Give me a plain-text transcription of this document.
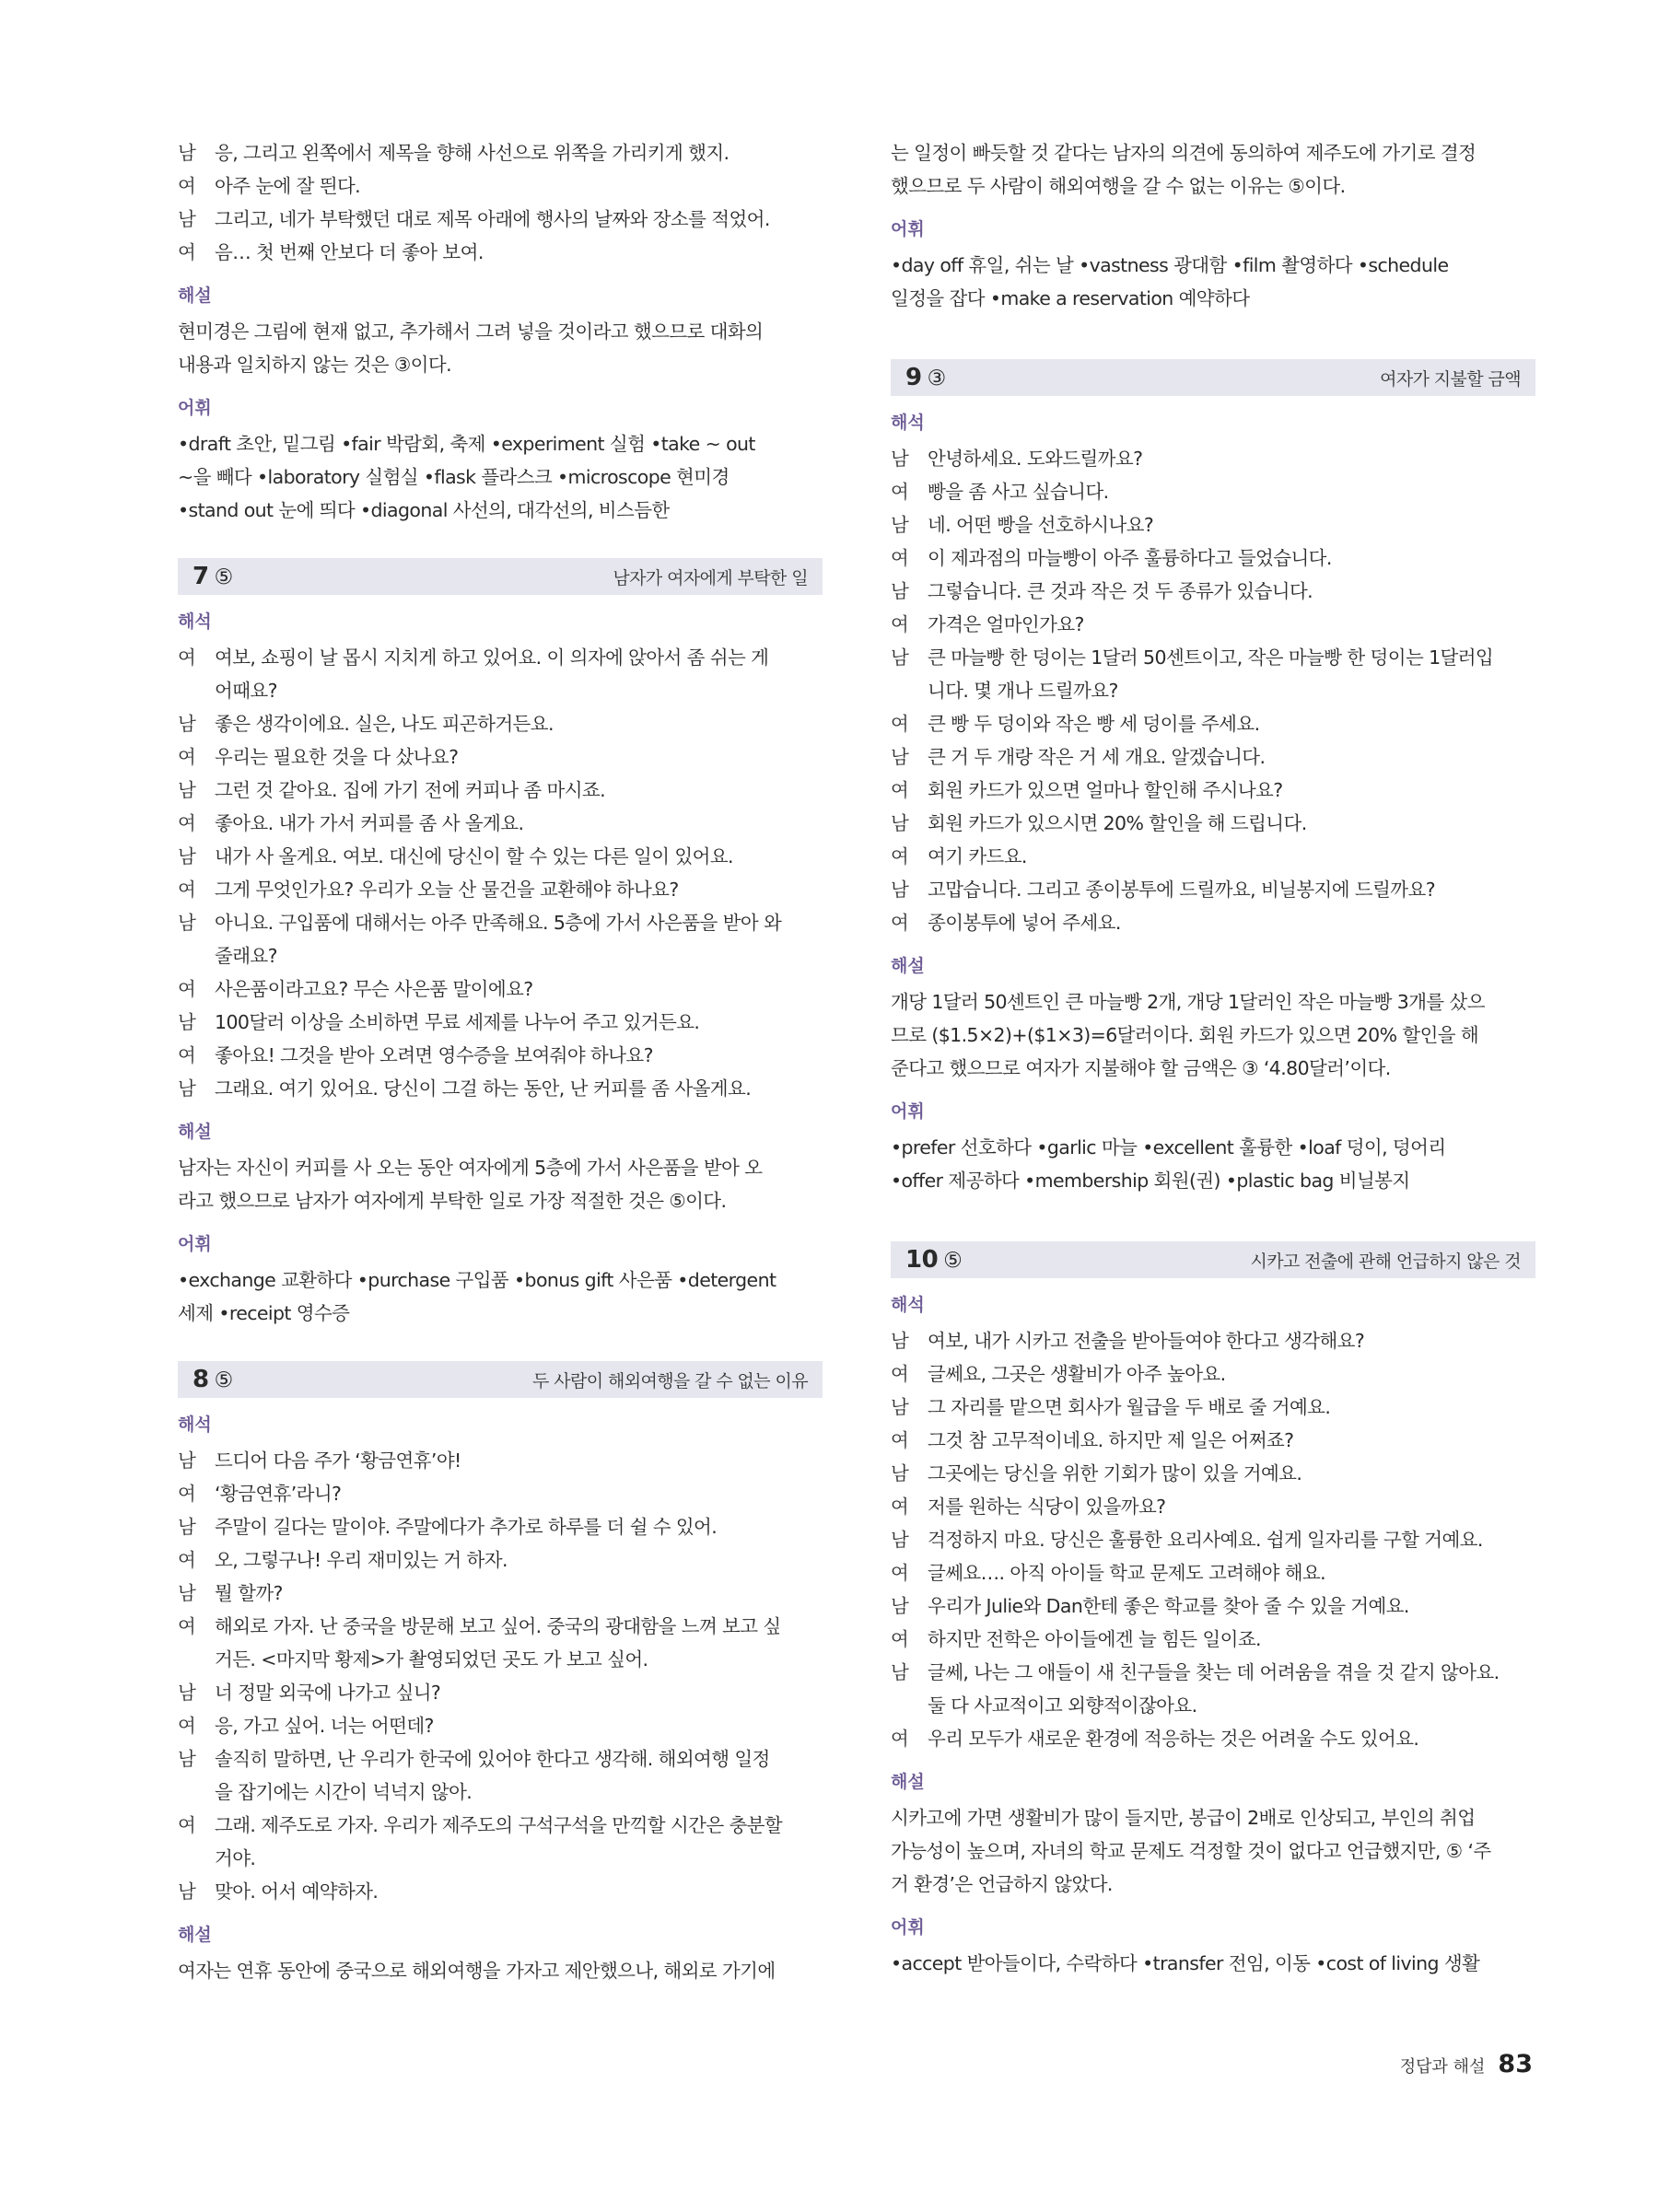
남	응, 그리고 왼쪽에서 제목을 향해 사선으로 위쪽을 가리키게 했지.
여	아주 눈에 잘 띈다.
남	그리고, 네가 부탁했던 대로 제목 아래에 행사의 날짜와 장소를 적었어.
여	음… 첫 번째 안보다 더 좋아 보여.
해설
현미경은 그림에 현재 없고, 추가해서 그려 넣을 것이라고 했으므로 대화의
내용과 일치하지 않는 것은 ③이다.
어휘
•draft 초안, 밑그림 •fair 박람회, 축제 •experiment 실험 •take ~ out
~을 빼다 •laboratory 실험실 •flask 플라스크 •microscope 현미경
•stand out 눈에 띄다 •diagonal 사선의, 대각선의, 비스듬한
7 ⑤	남자가 여자에게 부탁한 일
해석
여	여보, 쇼핑이 날 몹시 지치게 하고 있어요. 이 의자에 앉아서 좀 쉬는 게
어때요?
남	좋은 생각이에요. 실은, 나도 피곤하거든요.
여	우리는 필요한 것을 다 샀나요?
남	그런 것 같아요. 집에 가기 전에 커피나 좀 마시죠.
여	좋아요. 내가 가서 커피를 좀 사 올게요.
남	내가 사 올게요. 여보. 대신에 당신이 할 수 있는 다른 일이 있어요.
여	그게 무엇인가요? 우리가 오늘 산 물건을 교환해야 하나요?
남	아니요. 구입품에 대해서는 아주 만족해요. 5층에 가서 사은품을 받아 와
줄래요?
여	사은품이라고요? 무슨 사은품 말이에요?
남	100달러 이상을 소비하면 무료 세제를 나누어 주고 있거든요.
여	좋아요! 그것을 받아 오려면 영수증을 보여줘야 하나요?
남	그래요. 여기 있어요. 당신이 그걸 하는 동안, 난 커피를 좀 사올게요.
해설
남자는 자신이 커피를 사 오는 동안 여자에게 5층에 가서 사은품을 받아 오
라고 했으므로 남자가 여자에게 부탁한 일로 가장 적절한 것은 ⑤이다.
어휘
•exchange 교환하다 •purchase 구입품 •bonus gift 사은품 •detergent
세제 •receipt 영수증
8 ⑤	두 사람이 해외여행을 갈 수 없는 이유
해석
남	드디어 다음 주가 ‘황금연휴’야!
여	‘황금연휴’라니?
남	주말이 길다는 말이야. 주말에다가 추가로 하루를 더 쉴 수 있어.
여	오, 그렇구나! 우리 재미있는 거 하자.
남	뭘 할까?
여	해외로 가자. 난 중국을 방문해 보고 싶어. 중국의 광대함을 느껴 보고 싶
거든. <마지막 황제>가 촬영되었던 곳도 가 보고 싶어.
남	너 정말 외국에 나가고 싶니?
여	응, 가고 싶어. 너는 어떤데?
남	솔직히 말하면, 난 우리가 한국에 있어야 한다고 생각해. 해외여행 일정
을 잡기에는 시간이 넉넉지 않아.
여	그래. 제주도로 가자. 우리가 제주도의 구석구석을 만끽할 시간은 충분할
거야.
남	맞아. 어서 예약하자.
해설
여자는 연휴 동안에 중국으로 해외여행을 가자고 제안했으나, 해외로 가기에
는 일정이 빠듯할 것 같다는 남자의 의견에 동의하여 제주도에 가기로 결정
했으므로 두 사람이 해외여행을 갈 수 없는 이유는 ⑤이다.
어휘
•day off 휴일, 쉬는 날 •vastness 광대함 •film 촬영하다 •schedule
일정을 잡다 •make a reservation 예약하다
9 ③	여자가 지불할 금액
해석
남	안녕하세요. 도와드릴까요?
여	빵을 좀 사고 싶습니다.
남	네. 어떤 빵을 선호하시나요?
여	이 제과점의 마늘빵이 아주 훌륭하다고 들었습니다.
남	그렇습니다. 큰 것과 작은 것 두 종류가 있습니다.
여	가격은 얼마인가요?
남	큰 마늘빵 한 덩이는 1달러 50센트이고, 작은 마늘빵 한 덩이는 1달러입
니다. 몇 개나 드릴까요?
여	큰 빵 두 덩이와 작은 빵 세 덩이를 주세요.
남	큰 거 두 개랑 작은 거 세 개요. 알겠습니다.
여	회원 카드가 있으면 얼마나 할인해 주시나요?
남	회원 카드가 있으시면 20% 할인을 해 드립니다.
여	여기 카드요.
남	고맙습니다. 그리고 종이봉투에 드릴까요, 비닐봉지에 드릴까요?
여	종이봉투에 넣어 주세요.
해설
개당 1달러 50센트인 큰 마늘빵 2개, 개당 1달러인 작은 마늘빵 3개를 샀으
므로 ($1.5×2)+($1×3)=6달러이다. 회원 카드가 있으면 20% 할인을 해
준다고 했으므로 여자가 지불해야 할 금액은 ③ ‘4.80달러’이다.
어휘
•prefer 선호하다 •garlic 마늘 •excellent 훌륭한 •loaf 덩이, 덩어리
•offer 제공하다 •membership 회원(권) •plastic bag 비닐봉지
10 ⑤	시카고 전출에 관해 언급하지 않은 것
해석
남	여보, 내가 시카고 전출을 받아들여야 한다고 생각해요?
여	글쎄요, 그곳은 생활비가 아주 높아요.
남	그 자리를 맡으면 회사가 월급을 두 배로 줄 거예요.
여	그것 참 고무적이네요. 하지만 제 일은 어쩌죠?
남	그곳에는 당신을 위한 기회가 많이 있을 거예요.
여	저를 원하는 식당이 있을까요?
남	걱정하지 마요. 당신은 훌륭한 요리사예요. 쉽게 일자리를 구할 거예요.
여	글쎄요…. 아직 아이들 학교 문제도 고려해야 해요.
남	우리가 Julie와 Dan한테 좋은 학교를 찾아 줄 수 있을 거예요.
여	하지만 전학은 아이들에겐 늘 힘든 일이죠.
남	글쎄, 나는 그 애들이 새 친구들을 찾는 데 어려움을 겪을 것 같지 않아요.
둘 다 사교적이고 외향적이잖아요.
여	우리 모두가 새로운 환경에 적응하는 것은 어려울 수도 있어요.
해설
시카고에 가면 생활비가 많이 들지만, 봉급이 2배로 인상되고, 부인의 취업
가능성이 높으며, 자녀의 학교 문제도 걱정할 것이 없다고 언급했지만, ⑤ ‘주
거 환경’은 언급하지 않았다.
어휘
•accept 받아들이다, 수락하다 •transfer 전임, 이동 •cost of living 생활
정답과 해설 83
